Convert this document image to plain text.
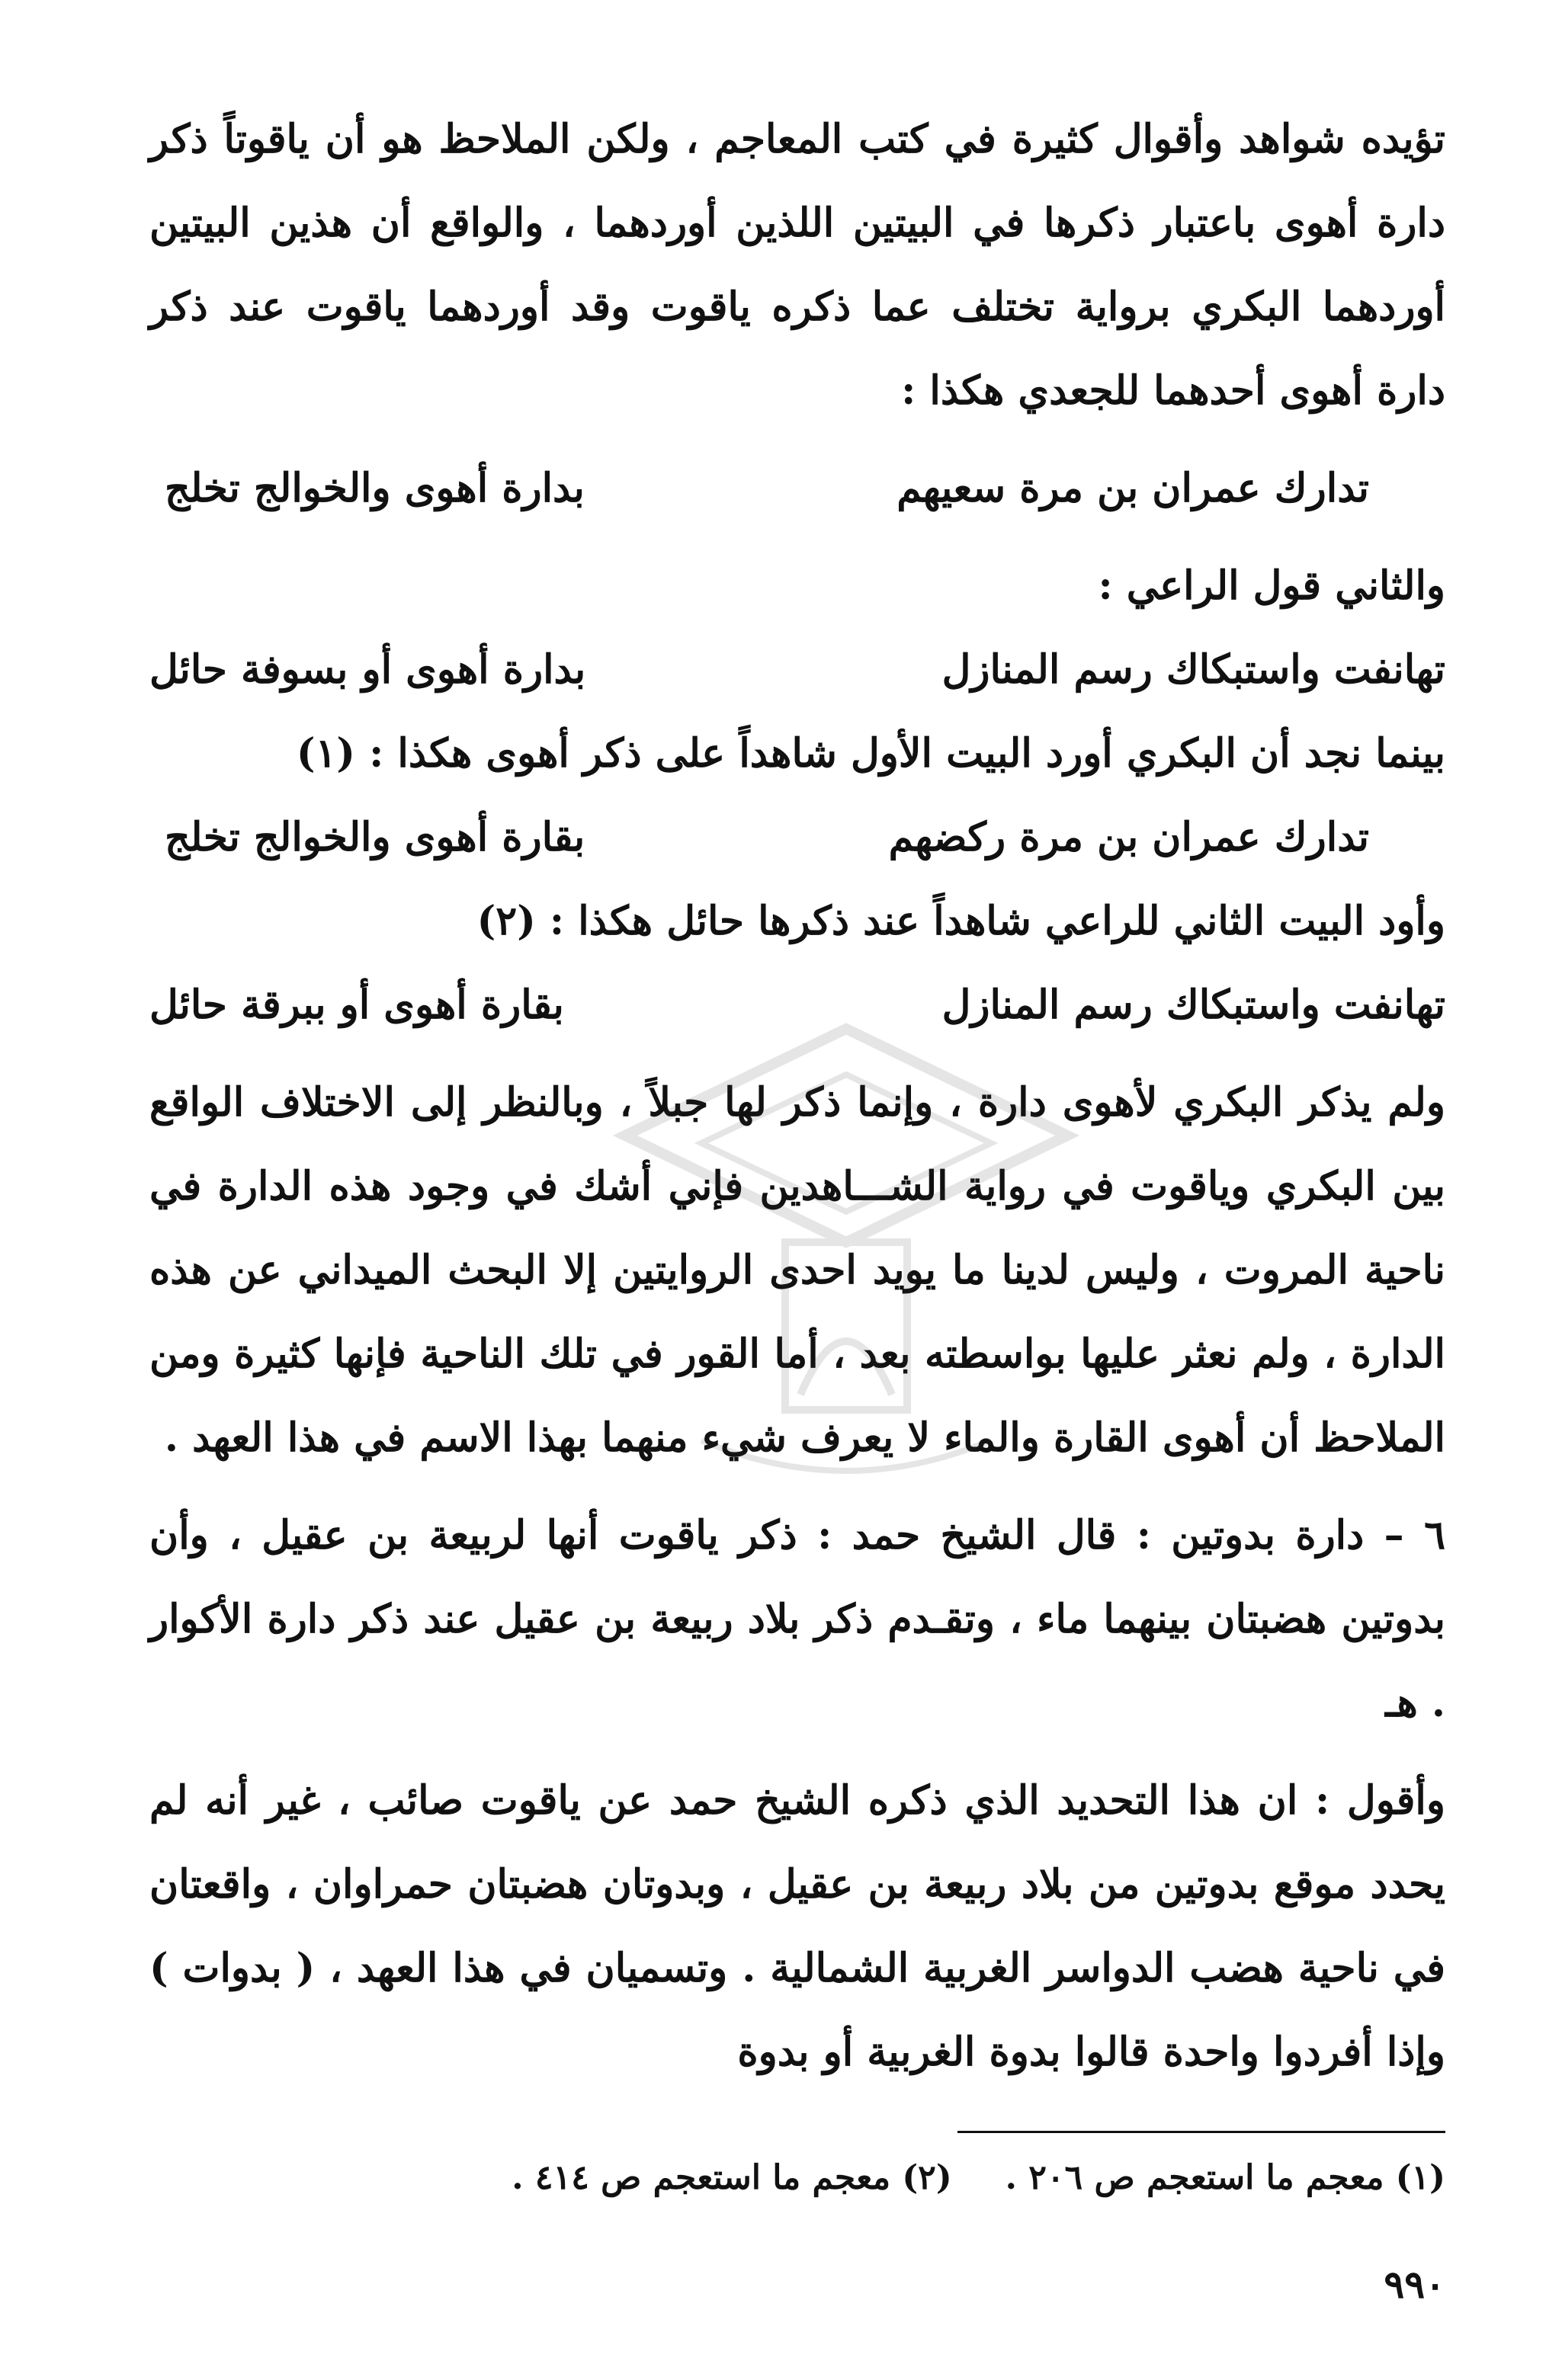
تؤيده شواهد وأقوال كثيرة في كتب المعاجم ، ولكن الملاحظ هو أن ياقوتاً ذكر دارة أهوى باعتبار ذكرها في البيتين اللذين أوردهما ، والواقع أن هذين البيتين أوردهما البكري برواية تختلف عما ذكره ياقوت وقد أوردهما ياقوت عند ذكر دارة أهوى أحدهما للجعدي هكذا :

تدارك عمران بن مرة سعيهم
بدارة أهوى والخوالج تخلج

والثاني قول الراعي :

تهانفت واستبكاك رسم المنازل
بدارة أهوى أو بسوفة حائل

بينما نجد أن البكري أورد البيت الأول شاهداً على ذكر أهوى هكذا : (١)

تدارك عمران بن مرة ركضهم
بقارة أهوى والخوالج تخلج

وأود البيت الثاني للراعي شاهداً عند ذكرها حائل هكذا : (٢)

تهانفت واستبكاك رسم المنازل
بقارة أهوى أو ببرقة حائل

ولم يذكر البكري لأهوى دارة ، وإنما ذكر لها جبلاً ، وبالنظر إلى الاختلاف الواقع بين البكري وياقوت في رواية الشـــاهدين فإني أشك في وجود هذه الدارة في ناحية المروت ، وليس لدينا ما يويد احدى الروايتين إلا البحث الميداني عن هذه الدارة ، ولم نعثر عليها بواسطته بعد ، أما القور في تلك الناحية فإنها كثيرة ومن الملاحظ أن أهوى القارة والماء لا يعرف شيء منهما بهذا الاسم في هذا العهد .

٦ – دارة بدوتين : قال الشيخ حمد : ذكر ياقوت أنها لربيعة بن عقيل ، وأن بدوتين هضبتان بينهما ماء ، وتقـدم ذكر بلاد ربيعة بن عقيل عند ذكر دارة الأكوار . هـ

وأقول : ان هذا التحديد الذي ذكره الشيخ حمد عن ياقوت صائب ، غير أنه لم يحدد موقع بدوتين من بلاد ربيعة بن عقيل ، وبدوتان هضبتان حمراوان ، واقعتان في ناحية هضب الدواسر الغربية الشمالية . وتسميان في هذا العهد ، ( بدوات ) وإذا أفردوا واحدة قالوا بدوة الغربية أو بدوة

(١) معجم ما استعجم ص ٢٠٦ .
(٢) معجم ما استعجم ص ٤١٤ .
٩٩٠
